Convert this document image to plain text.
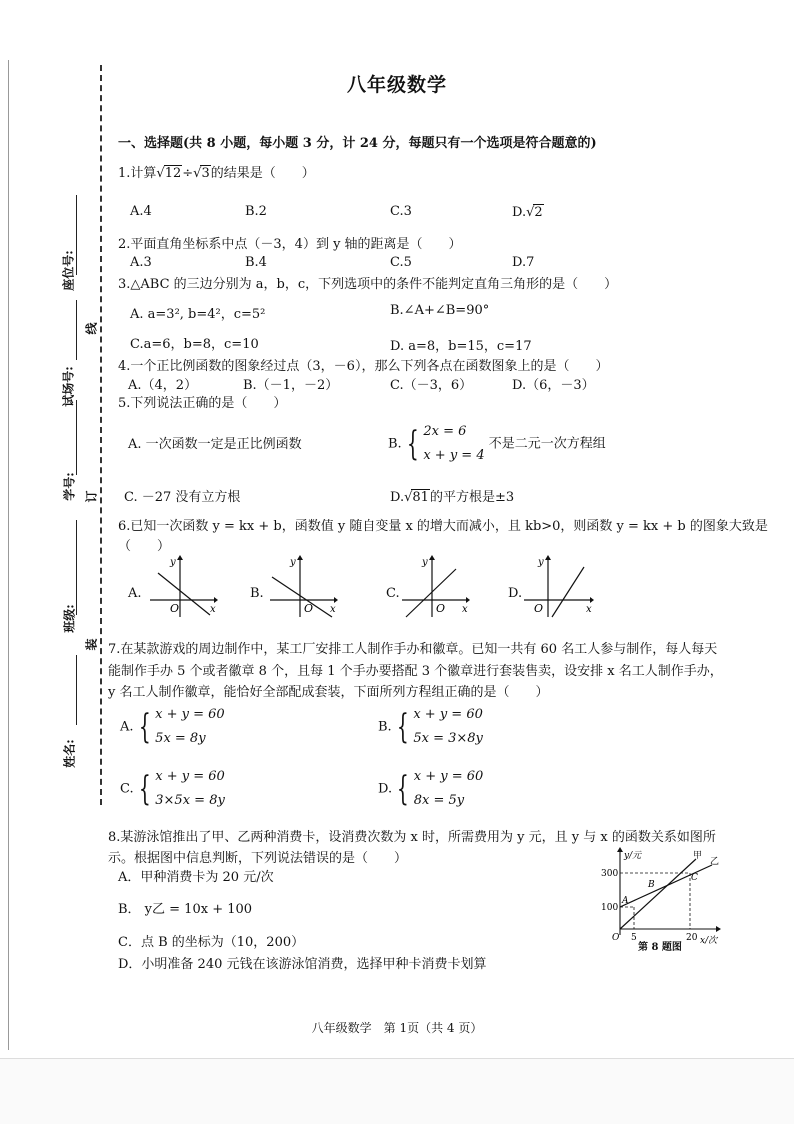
座位号:
试场号:
学号:
班级:
姓名:
线
订
装
八年级数学
一、选择题(共 8 小题，每小题 3 分，计 24 分，每题只有一个选项是符合题意的)
1.计算√12÷√3的结果是（　　）
A.4	B.2	C.3	D.√2
2.平面直角坐标系中点（－3，4）到 y 轴的距离是（　　）
A.3	B.4	C.5	D.7
3.△ABC 的三边分别为 a，b，c，下列选项中的条件不能判定直角三角形的是（　　）
A. a=3², b=4²，c=5²	B.∠A+∠B=90°
C.a=6，b=8，c=10	D. a=8，b=15，c=17
4.一个正比例函数的图象经过点（3，－6），那么下列各点在函数图象上的是（　　）
A.（4，2）	B.（－1，－2）	C.（－3，6）	D.（6，－3）
5.下列说法正确的是（　　）
A. 一次函数一定是正比例函数	B. { 2x = 6
x + y = 4 不是二元一次方程组
C. －27 没有立方根	D.√81的平方根是±3
6.已知一次函数 y = kx + b，函数值 y 随自变量 x 的增大而减小，且 kb>0，则函数 y = kx + b 的图象大致是
（　　）
A.
O	x
y
B.
O x
y
C.
O x
y
D.
O	x
y
7.在某款游戏的周边制作中，某工厂安排工人制作手办和徽章。已知一共有 60 名工人参与制作，每人每天
能制作手办 5 个或者徽章 8 个，且每 1 个手办要搭配 3 个徽章进行套装售卖，设安排 x 名工人制作手办，
y 名工人制作徽章，能恰好全部配成套装，下面所列方程组正确的是（　　）
A. { x + y = 60
5x = 8y
B. { x + y = 60
5x = 3×8y
C. { x + y = 60
3×5x = 8y
D. { x + y = 60
8x = 5y
8.某游泳馆推出了甲、乙两种消费卡，设消费次数为 x 时，所需费用为 y 元，且 y 与 x 的函数关系如图所
示。根据图中信息判断，下列说法错误的是（　　）
A．甲种消费卡为 20 元/次
B． y乙 = 10x + 100
C．点 B 的坐标为（10，200）
D．小明准备 240 元钱在该游泳馆消费，选择甲种卡消费卡划算
y/元
x/次
300
100
O 5	20
甲
乙
A
B
C
第 8 题图
八年级数学　第 1页（共 4 页）
